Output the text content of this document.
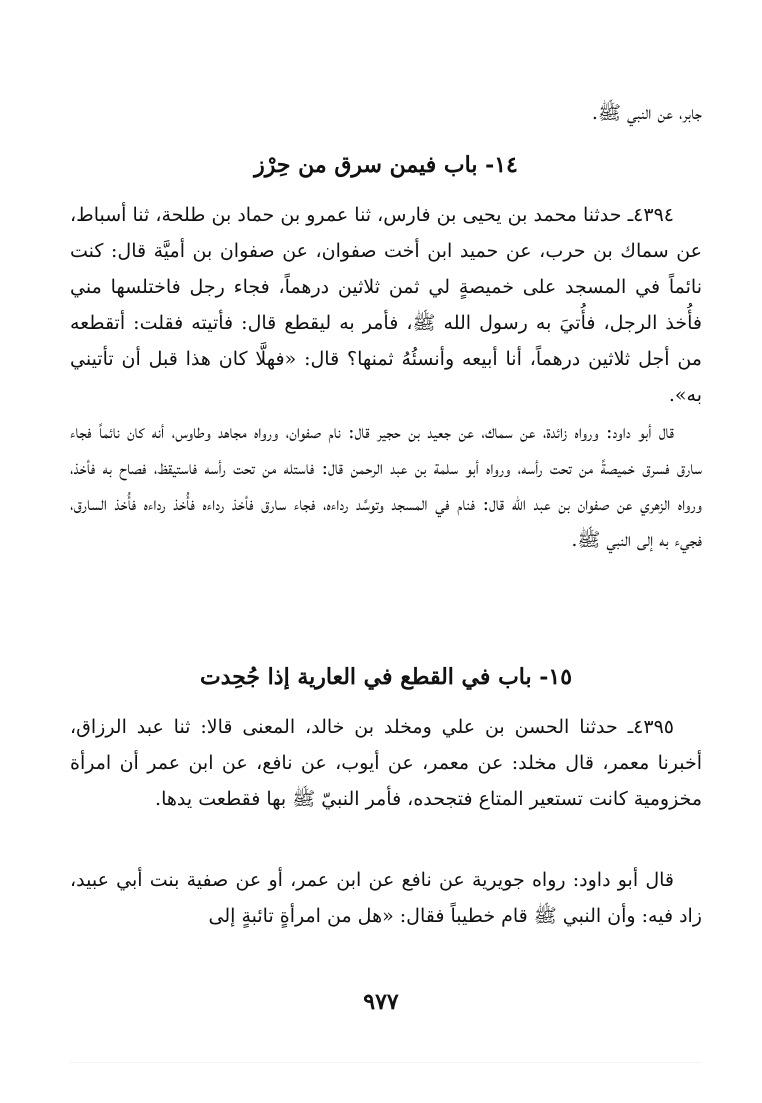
جابر، عن النبي ﷺ.
١٤- باب فيمن سرق من حِرْز
٤٣٩٤ـ حدثنا محمد بن يحيى بن فارس، ثنا عمرو بن حماد بن طلحة، ثنا أسباط، عن سماك بن حرب، عن حميد ابن أخت صفوان، عن صفوان بن أميَّة قال: كنت نائماً في المسجد على خميصةٍ لي ثمن ثلاثين درهماً، فجاء رجل فاختلسها مني فأُخذ الرجل، فأُتيَ به رسول الله ﷺ، فأمر به ليقطع قال: فأتيته فقلت: أتقطعه من أجل ثلاثين درهماً، أنا أبيعه وأنسئُهُ ثمنها؟ قال: «فهلَّا كان هذا قبل أن تأتيني به».
قال أبو داود: ورواه زائدة، عن سماك، عن جعيد بن حجير قال: نام صفوان، ورواه مجاهد وطاوس، أنه كان نائماً فجاء سارق فسرق خميصةً من تحت رأسه، ورواه أبو سلمة بن عبد الرحمن قال: فاستله من تحت رأسه فاستيقظ، فصاح به فأخذ، ورواه الزهري عن صفوان بن عبد الله قال: فنام في المسجد وتوسَّد رداءه، فجاء سارق فأخذ رداءه فأُخذ رداءه فأُخذ السارق، فجيء به إلى النبي ﷺ.
١٥- باب في القطع في العارية إذا جُحِدت
٤٣٩٥ـ حدثنا الحسن بن علي ومخلد بن خالد، المعنى قالا: ثنا عبد الرزاق، أخبرنا معمر، قال مخلد: عن معمر، عن أيوب، عن نافع، عن ابن عمر أن امرأة مخزومية كانت تستعير المتاع فتجحده، فأمر النبيّ ﷺ بها فقطعت يدها.
قال أبو داود: رواه جويرية عن نافع عن ابن عمر، أو عن صفية بنت أبي عبيد، زاد فيه: وأن النبي ﷺ قام خطيباً فقال: «هل من امرأةٍ تائبةٍ إلى
٩٧٧
